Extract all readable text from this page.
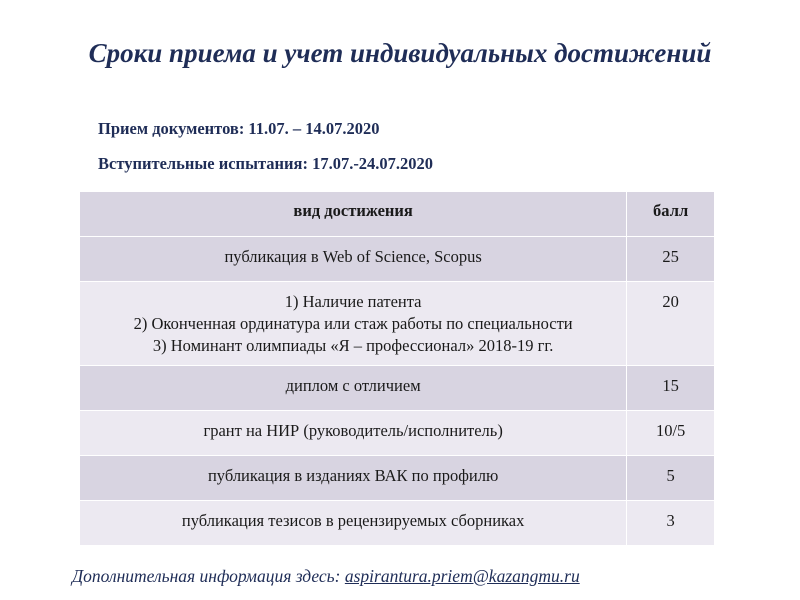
Сроки приема и учет индивидуальных достижений
Прием документов: 11.07. – 14.07.2020
Вступительные испытания: 17.07.-24.07.2020
вид достижения	балл

публикация в Web of Science, Scopus	25

1) Наличие патента
2) Оконченная ординатура или стаж работы по специальности
3) Номинант олимпиады «Я – профессионал» 2018-19 гг.	20

диплом с отличием	15

грант на НИР (руководитель/исполнитель)	10/5

публикация в изданиях ВАК по профилю	5

публикация тезисов в рецензируемых сборниках	3
Дополнительная информация здесь: aspirantura.priem@kazangmu.ru
